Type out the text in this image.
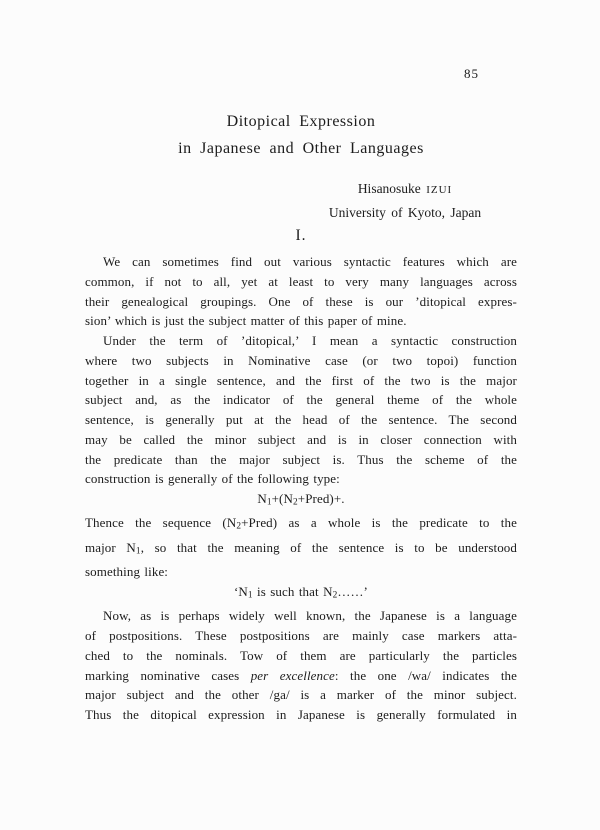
85
Ditopical Expression
in Japanese and Other Languages
Hisanosuke IZUI
University of Kyoto, Japan
I.
We can sometimes find out various syntactic features which are
common, if not to all, yet at least to very many languages across
their genealogical groupings. One of these is our ’ditopical expres-
sion’ which is just the subject matter of this paper of mine.
Under the term of ’ditopical,’ I mean a syntactic construction
where two subjects in Nominative case (or two topoi) function
together in a single sentence, and the first of the two is the major
subject and, as the indicator of the general theme of the whole
sentence, is generally put at the head of the sentence. The second
may be called the minor subject and is in closer connection with
the predicate than the major subject is. Thus the scheme of the
construction is generally of the following type:
N1+(N2+Pred)+.
Thence the sequence (N2+Pred) as a whole is the predicate to the
major N1, so that the meaning of the sentence is to be understood
something like:
‘N1 is such that N2……’
Now, as is perhaps widely well known, the Japanese is a language
of postpositions. These postpositions are mainly case markers atta-
ched to the nominals. Tow of them are particularly the particles
marking nominative cases per excellence: the one /wa/ indicates the
major subject and the other /ga/ is a marker of the minor subject.
Thus the ditopical expression in Japanese is generally formulated in
